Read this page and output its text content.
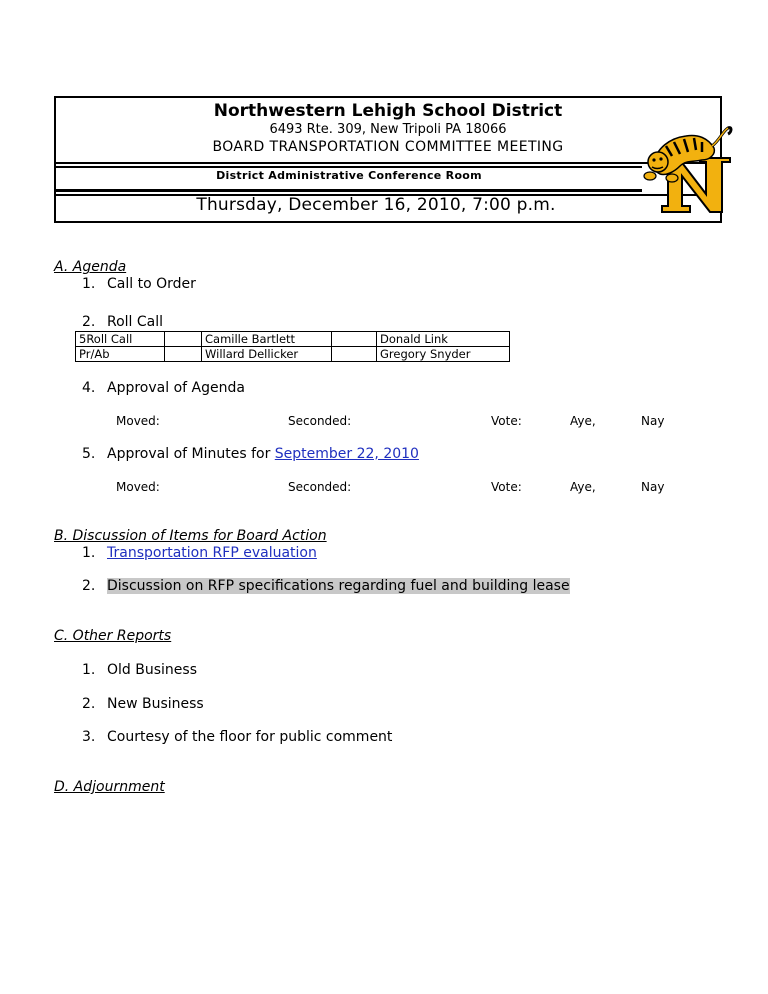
Northwestern Lehigh School District
6493 Rte. 309, New Tripoli PA 18066
BOARD TRANSPORTATION COMMITTEE MEETING
District Administrative Conference Room
Thursday, December 16, 2010, 7:00 p.m.
A. Agenda
1. Call to Order
2. Roll Call
5Roll Call		Camille Bartlett		Donald Link
Pr/Ab		Willard Dellicker		Gregory Snyder
4. Approval of Agenda
Moved:	Seconded:	Vote:	Aye,	Nay
5. Approval of Minutes for September 22, 2010
Moved:	Seconded:	Vote:	Aye,	Nay
B. Discussion of Items for Board Action
1. Transportation RFP evaluation
2. Discussion on RFP specifications regarding fuel and building lease
C. Other Reports
1. Old Business
2. New Business
3. Courtesy of the floor for public comment
D. Adjournment
